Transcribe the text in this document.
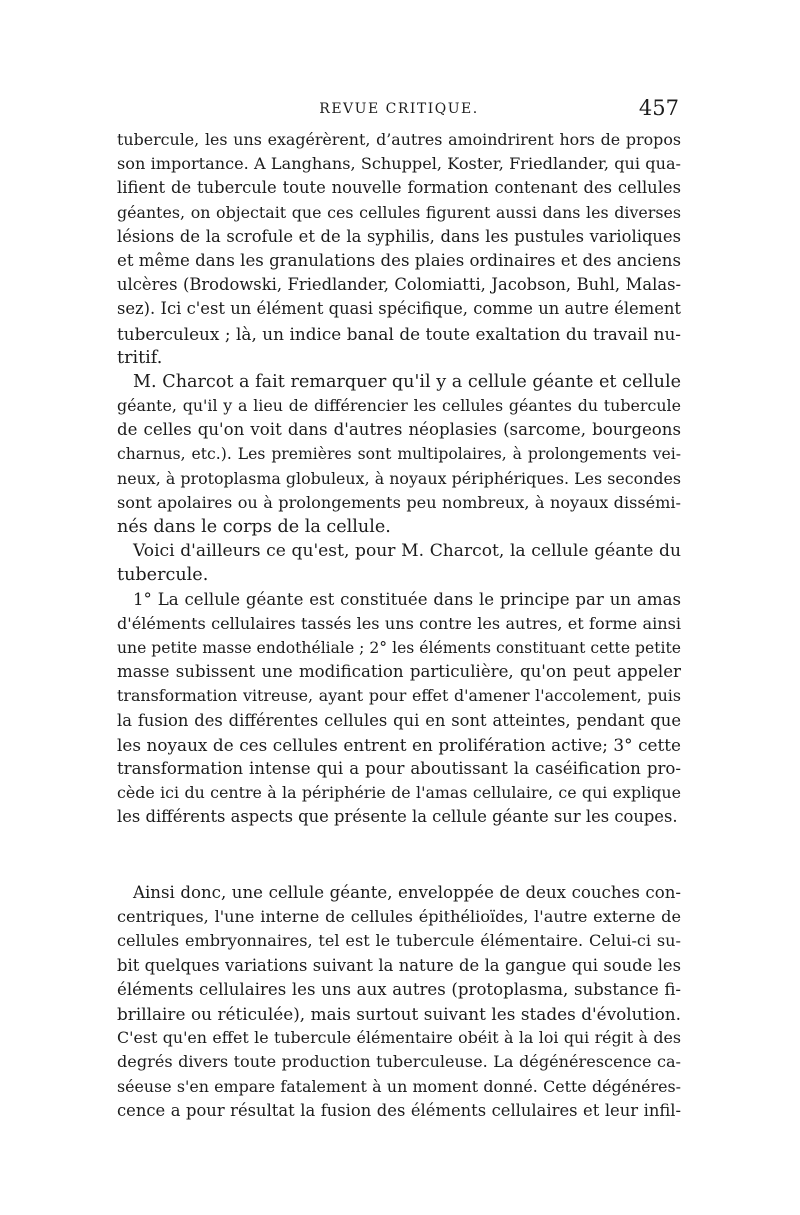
REVUE CRITIQUE.	457
tubercule, les uns exagérèrent, d’autres amoindrirent hors de propos
son importance. A Langhans, Schuppel, Koster, Friedlander, qui qua-
lifient de tubercule toute nouvelle formation contenant des cellules
géantes, on objectait que ces cellules figurent aussi dans les diverses
lésions de la scrofule et de la syphilis, dans les pustules varioliques
et même dans les granulations des plaies ordinaires et des anciens
ulcères (Brodowski, Friedlander, Colomiatti, Jacobson, Buhl, Malas-
sez). Ici c'est un élément quasi spécifique, comme un autre élement
tuberculeux ; là, un indice banal de toute exaltation du travail nu-
tritif.
M. Charcot a fait remarquer qu'il y a cellule géante et cellule
géante, qu'il y a lieu de différencier les cellules géantes du tubercule
de celles qu'on voit dans d'autres néoplasies (sarcome, bourgeons
charnus, etc.). Les premières sont multipolaires, à prolongements vei-
neux, à protoplasma globuleux, à noyaux périphériques. Les secondes
sont apolaires ou à prolongements peu nombreux, à noyaux dissémi-
nés dans le corps de la cellule.
Voici d'ailleurs ce qu'est, pour M. Charcot, la cellule géante du
tubercule.
1° La cellule géante est constituée dans le principe par un amas
d'éléments cellulaires tassés les uns contre les autres, et forme ainsi
une petite masse endothéliale ; 2° les éléments constituant cette petite
masse subissent une modification particulière, qu'on peut appeler
transformation vitreuse, ayant pour effet d'amener l'accolement, puis
la fusion des différentes cellules qui en sont atteintes, pendant que
les noyaux de ces cellules entrent en prolifération active; 3° cette
transformation intense qui a pour aboutissant la caséification pro-
cède ici du centre à la périphérie de l'amas cellulaire, ce qui explique
les différents aspects que présente la cellule géante sur les coupes.
Ainsi donc, une cellule géante, enveloppée de deux couches con-
centriques, l'une interne de cellules épithélioïdes, l'autre externe de
cellules embryonnaires, tel est le tubercule élémentaire. Celui-ci su-
bit quelques variations suivant la nature de la gangue qui soude les
éléments cellulaires les uns aux autres (protoplasma, substance fi-
brillaire ou réticulée), mais surtout suivant les stades d'évolution.
C'est qu'en effet le tubercule élémentaire obéit à la loi qui régit à des
degrés divers toute production tuberculeuse. La dégénérescence ca-
séeuse s'en empare fatalement à un moment donné. Cette dégénéres-
cence a pour résultat la fusion des éléments cellulaires et leur infil-
